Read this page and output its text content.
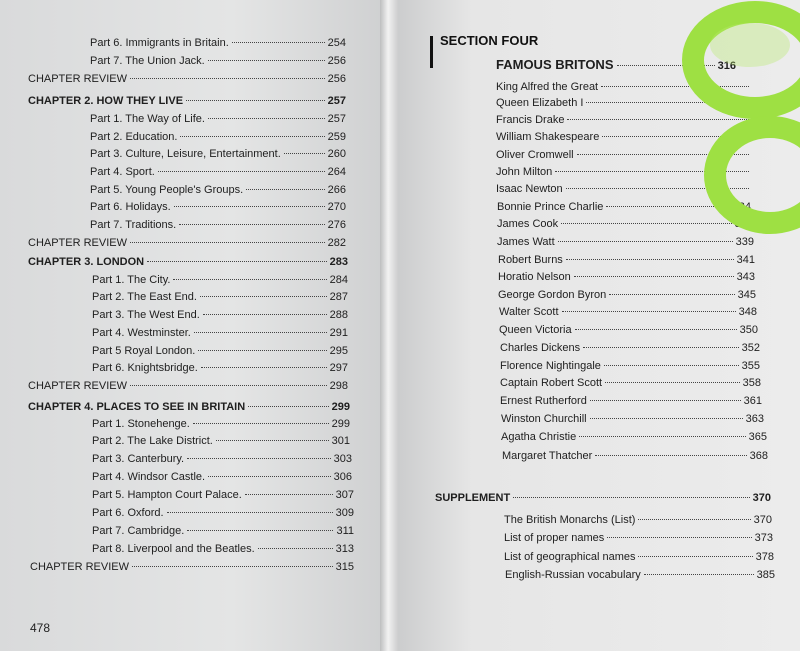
Part 6. Immigrants in Britain.	254
Part 7. The Union Jack.	256
CHAPTER REVIEW	256
CHAPTER 2. HOW THEY LIVE	257
Part 1. The Way of Life.	257
Part 2. Education.	259
Part 3. Culture, Leisure, Entertainment.	260
Part 4. Sport.	264
Part 5. Young People's Groups.	266
Part 6. Holidays.	270
Part 7. Traditions.	276
CHAPTER REVIEW	282
CHAPTER 3. LONDON	283
Part 1. The City.	284
Part 2. The East End.	287
Part 3. The West End.	288
Part 4. Westminster.	291
Part 5 Royal London.	295
Part 6. Knightsbridge.	297
CHAPTER REVIEW	298
CHAPTER 4. PLACES TO SEE IN BRITAIN	299
Part 1. Stonehenge.	299
Part 2. The Lake District.	301
Part 3. Canterbury.	303
Part 4. Windsor Castle.	306
Part 5. Hampton Court Palace.	307
Part 6. Oxford.	309
Part 7. Cambridge.	311
Part 8. Liverpool and the Beatles.	313
CHAPTER REVIEW	315
478
SECTION FOUR
FAMOUS BRITONS	316
King Alfred the Great
Queen Elizabeth I
Francis Drake
William Shakespeare
Oliver Cromwell
John Milton
Isaac Newton
Bonnie Prince Charlie	334
James Cook	336
James Watt	339
Robert Burns	341
Horatio Nelson	343
George Gordon Byron	345
Walter Scott	348
Queen Victoria	350
Charles Dickens	352
Florence Nightingale	355
Captain Robert Scott	358
Ernest Rutherford	361
Winston Churchill	363
Agatha Christie	365
Margaret Thatcher	368
SUPPLEMENT	370
The British Monarchs (List)	370
List of proper names	373
List of geographical names	378
English-Russian vocabulary	385
